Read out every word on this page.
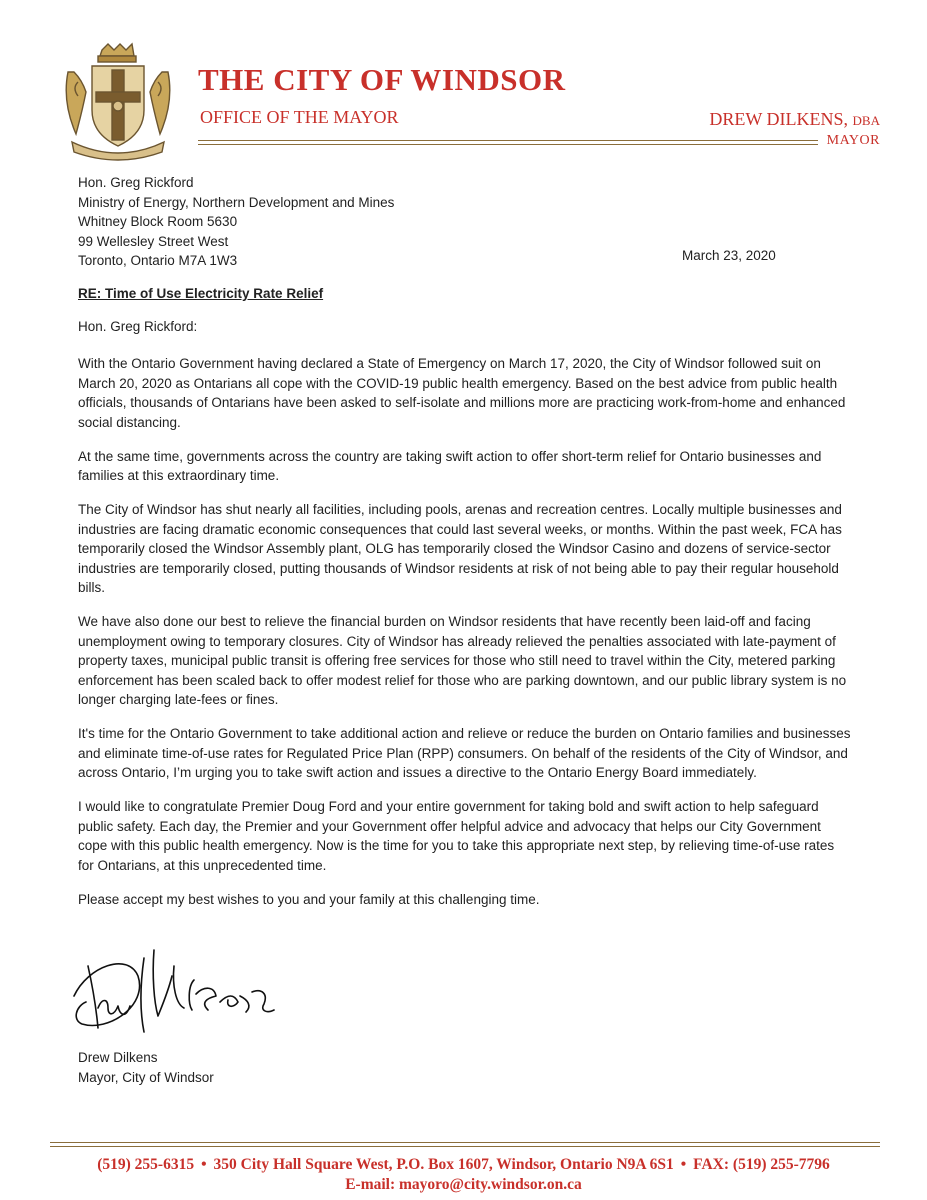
THE CITY OF WINDSOR
OFFICE OF THE MAYOR	DREW DILKENS, DBA
MAYOR
Hon. Greg Rickford
Ministry of Energy, Northern Development and Mines
Whitney Block Room 5630
99 Wellesley Street West
Toronto, Ontario M7A 1W3	March 23, 2020
RE: Time of Use Electricity Rate Relief
Hon. Greg Rickford:

With the Ontario Government having declared a State of Emergency on March 17, 2020, the City of Windsor followed suit on March 20, 2020 as Ontarians all cope with the COVID-19 public health emergency. Based on the best advice from public health officials, thousands of Ontarians have been asked to self-isolate and millions more are practicing work-from-home and enhanced social distancing.

At the same time, governments across the country are taking swift action to offer short-term relief for Ontario businesses and families at this extraordinary time.

The City of Windsor has shut nearly all facilities, including pools, arenas and recreation centres. Locally multiple businesses and industries are facing dramatic economic consequences that could last several weeks, or months. Within the past week, FCA has temporarily closed the Windsor Assembly plant, OLG has temporarily closed the Windsor Casino and dozens of service-sector industries are temporarily closed, putting thousands of Windsor residents at risk of not being able to pay their regular household bills.

We have also done our best to relieve the financial burden on Windsor residents that have recently been laid-off and facing unemployment owing to temporary closures. City of Windsor has already relieved the penalties associated with late-payment of property taxes, municipal public transit is offering free services for those who still need to travel within the City, metered parking enforcement has been scaled back to offer modest relief for those who are parking downtown, and our public library system is no longer charging late-fees or fines.

It's time for the Ontario Government to take additional action and relieve or reduce the burden on Ontario families and businesses and eliminate time-of-use rates for Regulated Price Plan (RPP) consumers. On behalf of the residents of the City of Windsor, and across Ontario, I’m urging you to take swift action and issues a directive to the Ontario Energy Board immediately.

I would like to congratulate Premier Doug Ford and your entire government for taking bold and swift action to help safeguard public safety. Each day, the Premier and your Government offer helpful advice and advocacy that helps our City Government cope with this public health emergency. Now is the time for you to take this appropriate next step, by relieving time-of-use rates for Ontarians, at this unprecedented time.

Please accept my best wishes to you and your family at this challenging time.

Drew Dilkens
Mayor, City of Windsor
(519) 255-6315 • 350 City Hall Square West, P.O. Box 1607, Windsor, Ontario N9A 6S1 • FAX: (519) 255-7796
E-mail: mayoro@city.windsor.on.ca
